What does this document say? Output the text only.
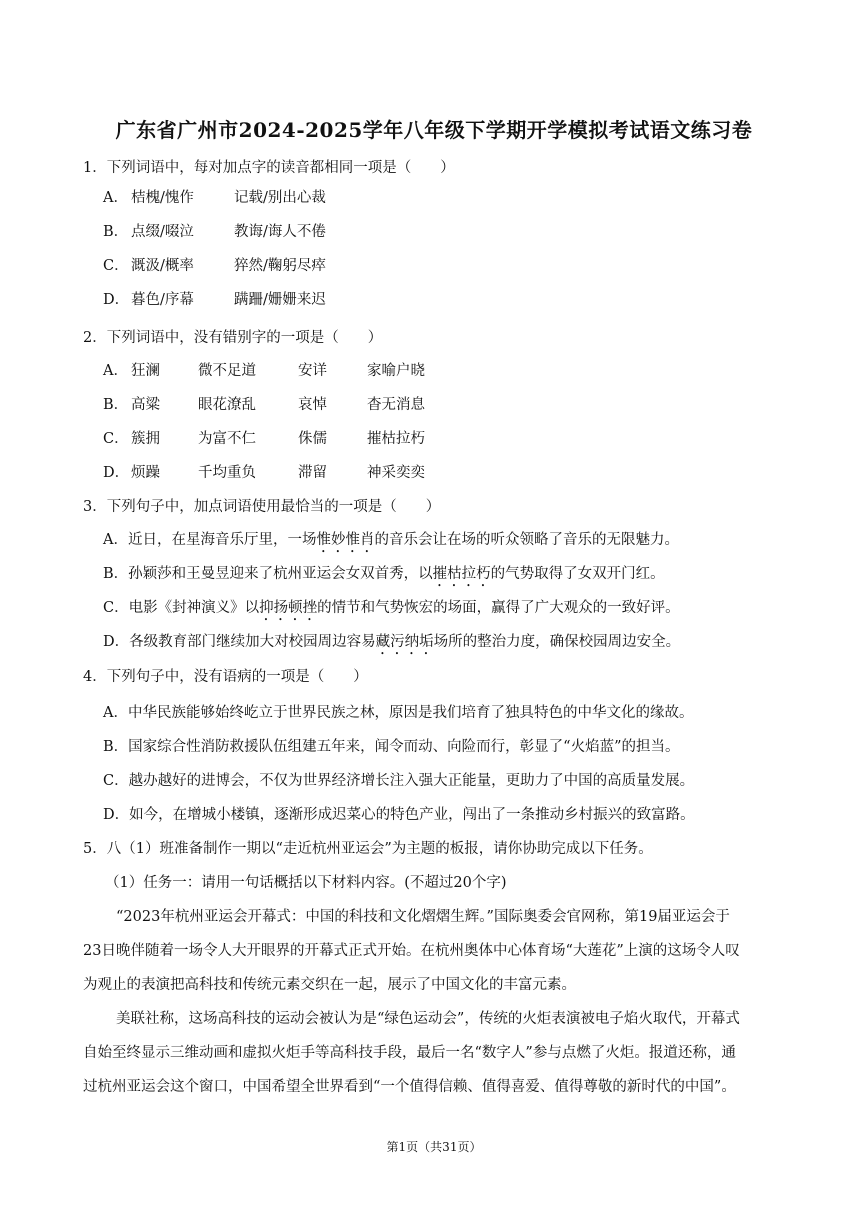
广东省广州市2024-2025学年八年级下学期开学模拟考试语文练习卷
1．下列词语中，每对加点字的读音都相同一项是（　　）
A． 桔槐/愧作	记载/别出心裁
B． 点缀/啜泣	教诲/诲人不倦
C． 溉汲/概率	猝然/鞠躬尽瘁
D． 暮色/序幕	蹒跚/姗姗来迟
2．下列词语中，没有错别字的一项是（　　）
A． 狂澜	微不足道	安详	家喻户晓
B． 高粱	眼花潦乱	哀悼	杳无消息
C． 簇拥	为富不仁	侏儒	摧枯拉朽
D． 烦躁	千均重负	滞留	神采奕奕
3．下列句子中，加点词语使用最恰当的一项是（　　）
A．近日，在星海音乐厅里，一场惟妙惟肖的音乐会让在场的听众领略了音乐的无限魅力。
B．孙颖莎和王曼昱迎来了杭州亚运会女双首秀，以摧枯拉朽的气势取得了女双开门红。
C．电影《封神演义》以抑扬顿挫的情节和气势恢宏的场面，赢得了广大观众的一致好评。
D．各级教育部门继续加大对校园周边容易藏污纳垢场所的整治力度，确保校园周边安全。
4．下列句子中，没有语病的一项是（　　）
A．中华民族能够始终屹立于世界民族之林，原因是我们培育了独具特色的中华文化的缘故。
B．国家综合性消防救援队伍组建五年来，闻令而动、向险而行，彰显了“火焰蓝”的担当。
C．越办越好的进博会，不仅为世界经济增长注入强大正能量，更助力了中国的高质量发展。
D．如今，在增城小楼镇，逐渐形成迟菜心的特色产业，闯出了一条推动乡村振兴的致富路。
5．八（1）班准备制作一期以“走近杭州亚运会”为主题的板报，请你协助完成以下任务。
（1）任务一：请用一句话概括以下材料内容。(不超过20个字)
“2023年杭州亚运会开幕式：中国的科技和文化熠熠生辉。”国际奥委会官网称，第19届亚运会于
23日晚伴随着一场令人大开眼界的开幕式正式开始。在杭州奥体中心体育场“大莲花”上演的这场令人叹
为观止的表演把高科技和传统元素交织在一起，展示了中国文化的丰富元素。
美联社称，这场高科技的运动会被认为是“绿色运动会”，传统的火炬表演被电子焰火取代，开幕式
自始至终显示三维动画和虚拟火炬手等高科技手段，最后一名“数字人”参与点燃了火炬。报道还称，通
过杭州亚运会这个窗口，中国希望全世界看到“一个值得信赖、值得喜爱、值得尊敬的新时代的中国”。
第1页（共31页）
